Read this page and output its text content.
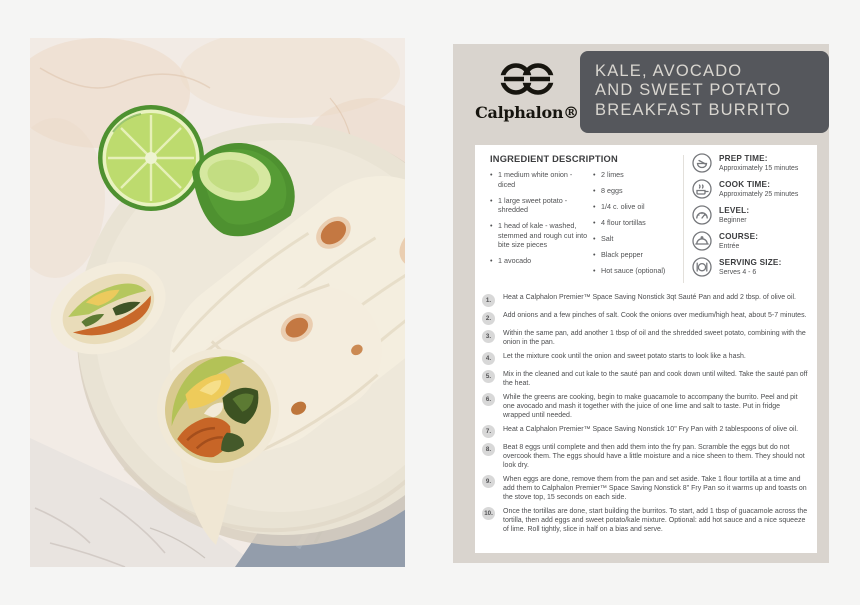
Calphalon®
KALE, AVOCADO
AND SWEET POTATO
BREAKFAST BURRITO
INGREDIENT DESCRIPTION
• 1 medium white onion - diced
• 1 large sweet potato - shredded
• 1 head of kale - washed, stemmed and rough cut into bite size pieces
• 1 avocado
• 2 limes
• 8 eggs
• 1/4 c. olive oil
• 4 flour tortillas
• Salt
• Black pepper
• Hot sauce (optional)
PREP TIME:
Approximately 15 minutes
COOK TIME:
Approximately 25 minutes
LEVEL:
Beginner
COURSE:
Entrée
SERVING SIZE:
Serves 4 - 6
1.	Heat a Calphalon Premier™ Space Saving Nonstick 3qt Sauté Pan and add 2 tbsp. of olive oil.
2.	Add onions and a few pinches of salt. Cook the onions over medium/high heat, about 5-7 minutes.
3.	Within the same pan, add another 1 tbsp of oil and the shredded sweet potato, combining with the onion in the pan.
4.	Let the mixture cook until the onion and sweet potato starts to look like a hash.
5.	Mix in the cleaned and cut kale to the sauté pan and cook down until wilted. Take the sauté pan off the heat.
6.	While the greens are cooking, begin to make guacamole to accompany the burrito. Peel and pit one avocado and mash it together with the juice of one lime and salt to taste. Put in fridge wrapped until needed.
7.	Heat a Calphalon Premier™ Space Saving Nonstick 10" Fry Pan with 2 tablespoons of olive oil.
8.	Beat 8 eggs until complete and then add them into the fry pan. Scramble the eggs but do not overcook them. The eggs should have a little moisture and a nice sheen to them. They should not look dry.
9.	When eggs are done, remove them from the pan and set aside. Take 1 flour tortilla at a time and add them to Calphalon Premier™ Space Saving Nonstick 8" Fry Pan so it warms up and toasts on the stove top, 15 seconds on each side.
10.	Once the tortillas are done, start building the burritos. To start, add 1 tbsp of guacamole across the tortilla, then add eggs and sweet potato/kale mixture. Optional: add hot sauce and a nice squeeze of lime. Roll tightly, slice in half on a bias and serve.
